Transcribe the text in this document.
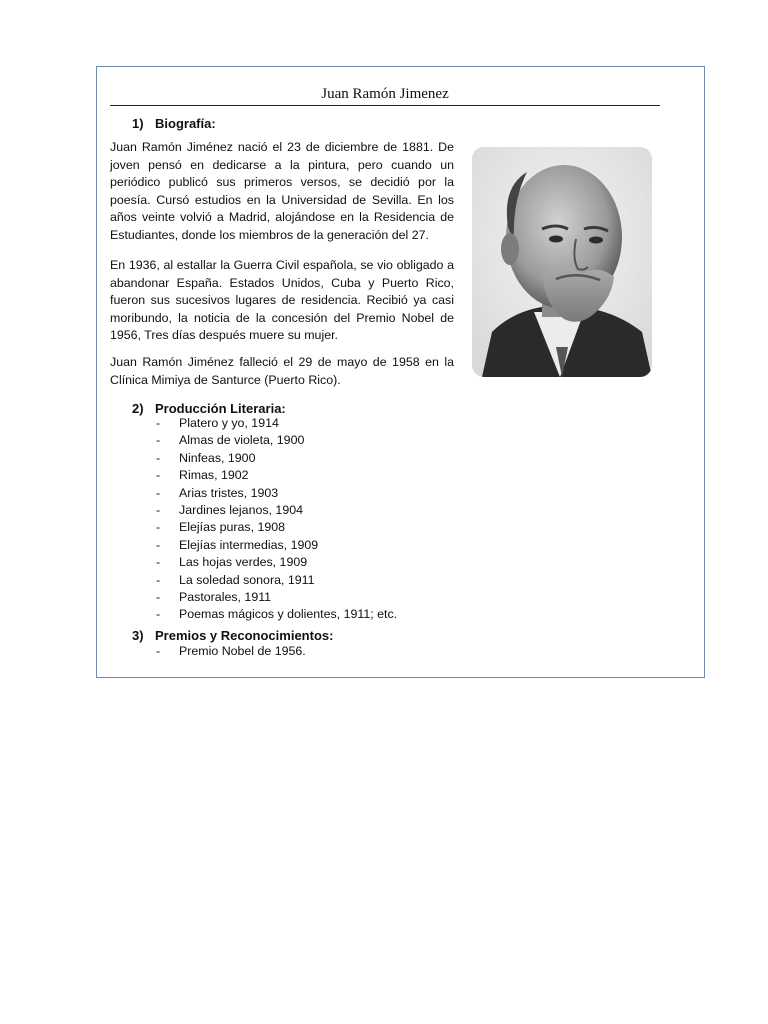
Juan Ramón Jimenez
1) Biografía:

Juan Ramón Jiménez nació el 23 de diciembre de 1881. De joven pensó en dedicarse a la pintura, pero cuando un periódico publicó sus primeros versos, se decidió por la poesía. Cursó estudios en la Universidad de Sevilla. En los años veinte volvió a Madrid, alojándose en la Residencia de Estudiantes, donde los miembros de la generación del 27.

En 1936, al estallar la Guerra Civil española, se vio obligado a abandonar España. Estados Unidos, Cuba y Puerto Rico, fueron sus sucesivos lugares de residencia. Recibió ya casi moribundo, la noticia de la concesión del Premio Nobel de 1956, Tres días después muere su mujer.

Juan Ramón Jiménez falleció el 29 de mayo de 1958 en la Clínica Mimiya de Santurce (Puerto Rico).

2) Producción Literaria:
- Platero y yo, 1914
- Almas de violeta, 1900
- Ninfeas, 1900
- Rimas, 1902
- Arias tristes, 1903
- Jardines lejanos, 1904
- Elejías puras, 1908
- Elejías intermedias, 1909
- Las hojas verdes, 1909
- La soledad sonora, 1911
- Pastorales, 1911
- Poemas mágicos y dolientes, 1911; etc.
3) Premios y Reconocimientos:
- Premio Nobel de 1956.
